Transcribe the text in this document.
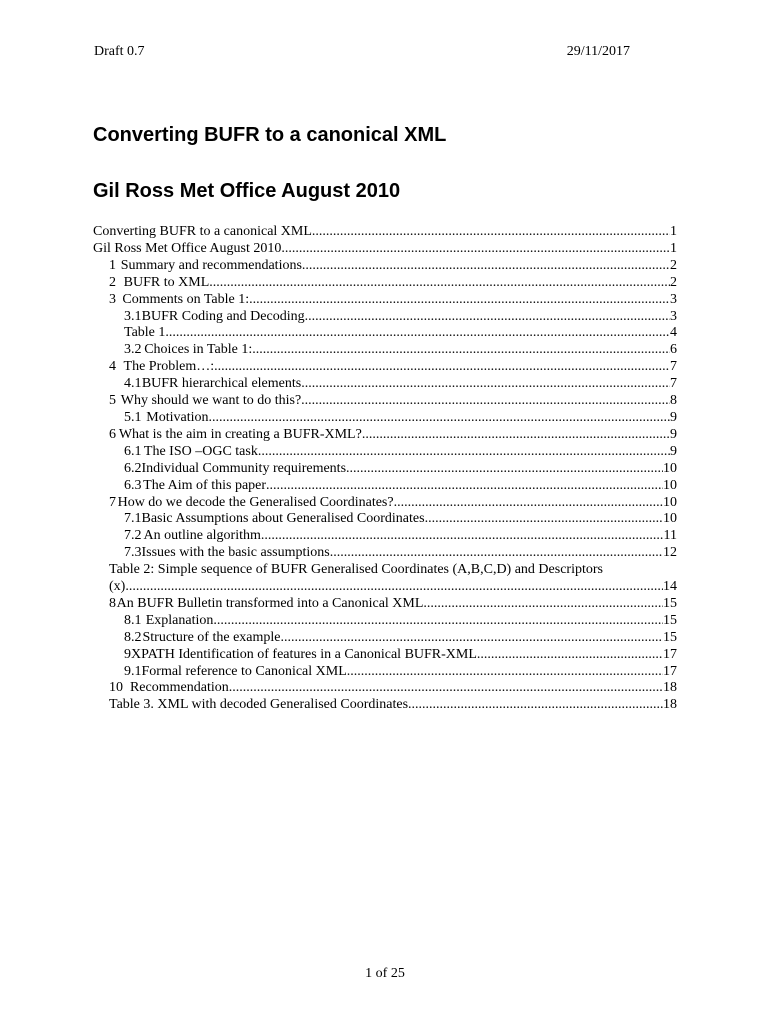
Draft 0.7	29/11/2017
Converting BUFR to a canonical XML
Gil Ross Met Office August 2010
Converting BUFR to a canonical XML .....	1
Gil Ross Met Office August 2010 .....	1
1 Summary and recommendations .....	2
2 BUFR to XML .....	2
3 Comments on Table 1: .....	3
3.1 BUFR Coding and Decoding .....	3
Table 1 .....	4
3.2 Choices in Table 1: .....	6
4 The Problem…: .....	7
4.1 BUFR hierarchical elements .....	7
5 Why should we want to do this? .....	8
5.1 Motivation .....	9
6 What is the aim in creating a BUFR-XML? .....	9
6.1 The ISO –OGC task .....	9
6.2 Individual Community requirements .....	10
6.3 The Aim of this paper .....	10
7 How do we decode the Generalised Coordinates? .....	10
7.1 Basic Assumptions about Generalised Coordinates .....	10
7.2 An outline algorithm .....	11
7.3 Issues with the basic assumptions .....	12
Table 2: Simple sequence of BUFR Generalised Coordinates (A,B,C,D) and Descriptors
(x) .....	14
8 An BUFR Bulletin transformed into a Canonical XML .....	15
8.1 Explanation .....	15
8.2 Structure of the example .....	15
9 XPATH Identification of features in a Canonical BUFR-XML .....	17
9.1 Formal reference to Canonical XML .....	17
10 Recommendation .....	18
Table 3. XML with decoded Generalised Coordinates .....	18
1 of 25
